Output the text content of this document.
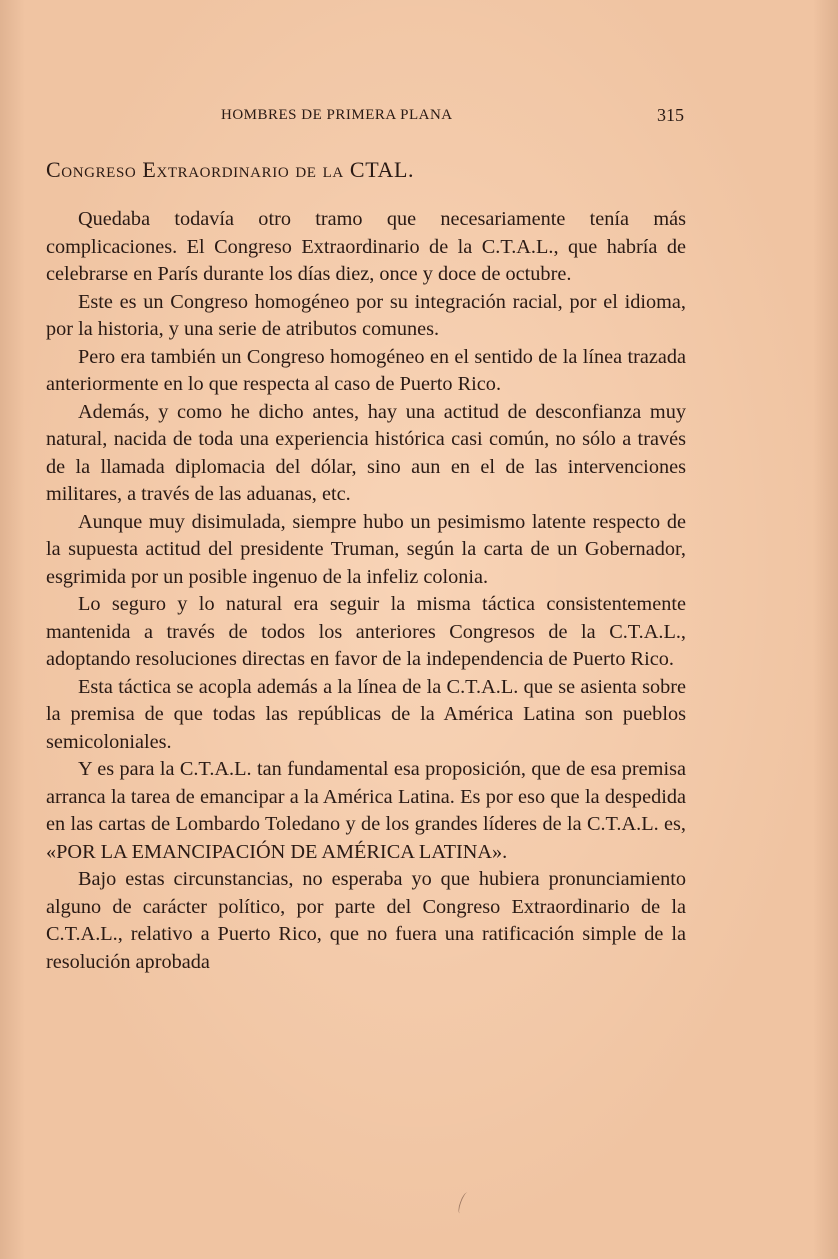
HOMBRES DE PRIMERA PLANA	315
Congreso Extraordinario de la CTAL.

Quedaba todavía otro tramo que necesariamente tenía más complicaciones. El Congreso Extraordinario de la C.T.A.L., que habría de celebrarse en París durante los días diez, once y doce de octubre.

Este es un Congreso homogéneo por su integración racial, por el idioma, por la historia, y una serie de atributos comunes.

Pero era también un Congreso homogéneo en el sentido de la línea trazada anteriormente en lo que respecta al caso de Puerto Rico.

Además, y como he dicho antes, hay una actitud de desconfianza muy natural, nacida de toda una experiencia histórica casi común, no sólo a través de la llamada diplomacia del dólar, sino aun en el de las intervenciones militares, a través de las aduanas, etc.

Aunque muy disimulada, siempre hubo un pesimismo latente respecto de la supuesta actitud del presidente Truman, según la carta de un Gobernador, esgrimida por un posible ingenuo de la infeliz colonia.

Lo seguro y lo natural era seguir la misma táctica consistentemente mantenida a través de todos los anteriores Congresos de la C.T.A.L., adoptando resoluciones directas en favor de la independencia de Puerto Rico.

Esta táctica se acopla además a la línea de la C.T.A.L. que se asienta sobre la premisa de que todas las repúblicas de la América Latina son pueblos semicoloniales.

Y es para la C.T.A.L. tan fundamental esa proposición, que de esa premisa arranca la tarea de emancipar a la América Latina. Es por eso que la despedida en las cartas de Lombardo Toledano y de los grandes líderes de la C.T.A.L. es, «POR LA EMANCIPACIÓN DE AMÉRICA LATINA».

Bajo estas circunstancias, no esperaba yo que hubiera pronunciamiento alguno de carácter político, por parte del Congreso Extraordinario de la C.T.A.L., relativo a Puerto Rico, que no fuera una ratificación simple de la resolución aprobada
